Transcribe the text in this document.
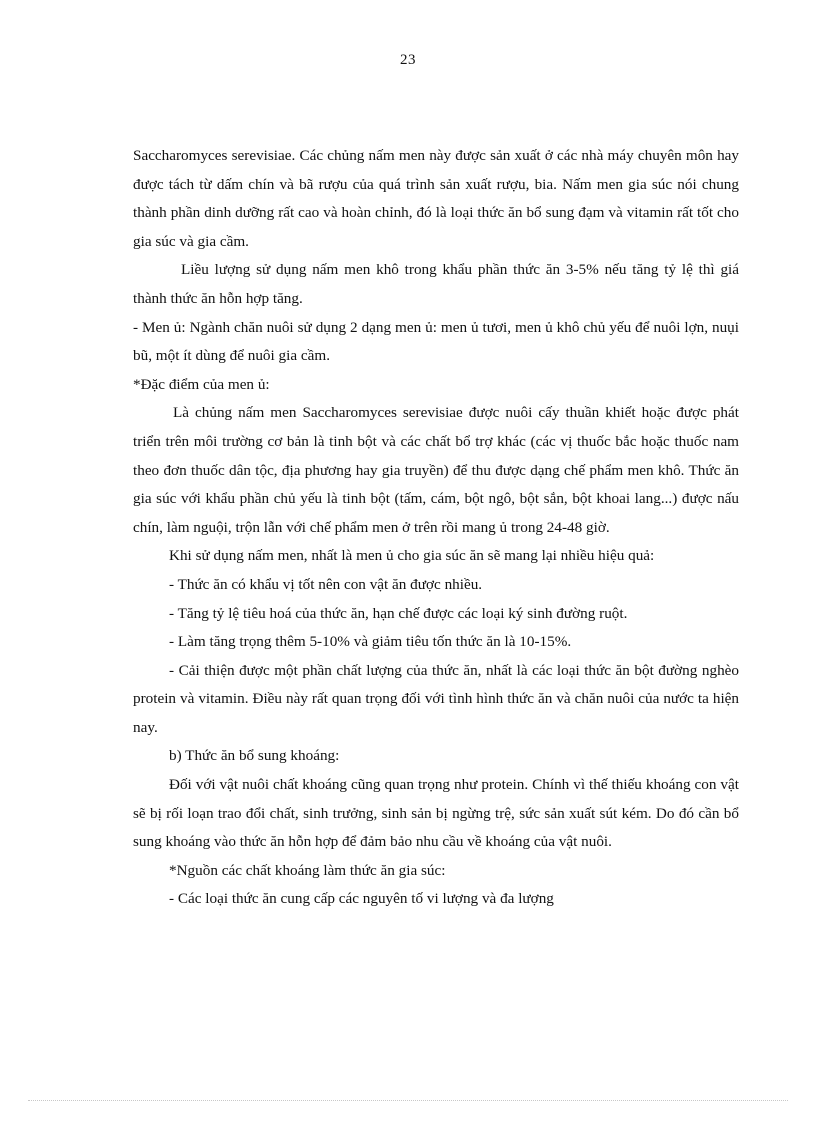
23

Saccharomyces serevisiae. Các chủng nấm men này được sản xuất ở các nhà máy chuyên môn hay được tách từ dấm chín và bã rượu của quá trình sản xuất rượu, bia. Nấm men gia súc nói chung thành phần dinh dưỡng rất cao và hoàn chỉnh, đó là loại thức ăn bổ sung đạm và vitamin rất tốt cho gia súc và gia cầm.

Liều lượng sử dụng nấm men khô trong khẩu phần thức ăn 3-5% nếu tăng tỷ lệ thì giá thành thức ăn hỗn hợp tăng.

- Men ủ: Ngành chăn nuôi sử dụng 2 dạng men ủ: men ủ tươi, men ủ khô chủ yếu để nuôi lợn, nuụi bũ, một ít dùng để nuôi gia cầm.

*Đặc điểm của men ủ:

Là chủng nấm men Saccharomyces serevisiae được nuôi cấy thuần khiết hoặc được phát triển trên môi trường cơ bản là tinh bột và các chất bổ trợ khác (các vị thuốc bắc hoặc thuốc nam theo đơn thuốc dân tộc, địa phương hay gia truyền) để thu được dạng chế phẩm men khô. Thức ăn gia súc với khẩu phần chủ yếu là tinh bột (tấm, cám, bột ngô, bột sắn, bột khoai lang...) được nấu chín, làm nguội, trộn lẫn với chế phẩm men ở trên rồi mang ủ trong 24-48 giờ.

Khi sử dụng nấm men, nhất là men ủ cho gia súc ăn sẽ mang lại nhiều hiệu quả:

- Thức ăn có khẩu vị tốt nên con vật ăn được nhiều.

- Tăng tỷ lệ tiêu hoá của thức ăn, hạn chế được các loại ký sinh đường ruột.

- Làm tăng trọng thêm 5-10% và giảm tiêu tốn thức ăn là 10-15%.

- Cải thiện được một phần chất lượng của thức ăn, nhất là các loại thức ăn bột đường nghèo protein và vitamin. Điều này rất quan trọng đối với tình hình thức ăn và chăn nuôi của nước ta hiện nay.

b) Thức ăn bổ sung khoáng:

Đối với vật nuôi chất khoáng cũng quan trọng như protein. Chính vì thế thiếu khoáng con vật sẽ bị rối loạn trao đổi chất, sinh trưởng, sinh sản bị ngừng trệ, sức sản xuất sút kém. Do đó cần bổ sung khoáng vào thức ăn hỗn hợp để đảm bảo nhu cầu về khoáng của vật nuôi.

*Nguồn các chất khoáng làm thức ăn gia súc:

- Các loại thức ăn cung cấp các nguyên tố vi lượng và đa lượng
